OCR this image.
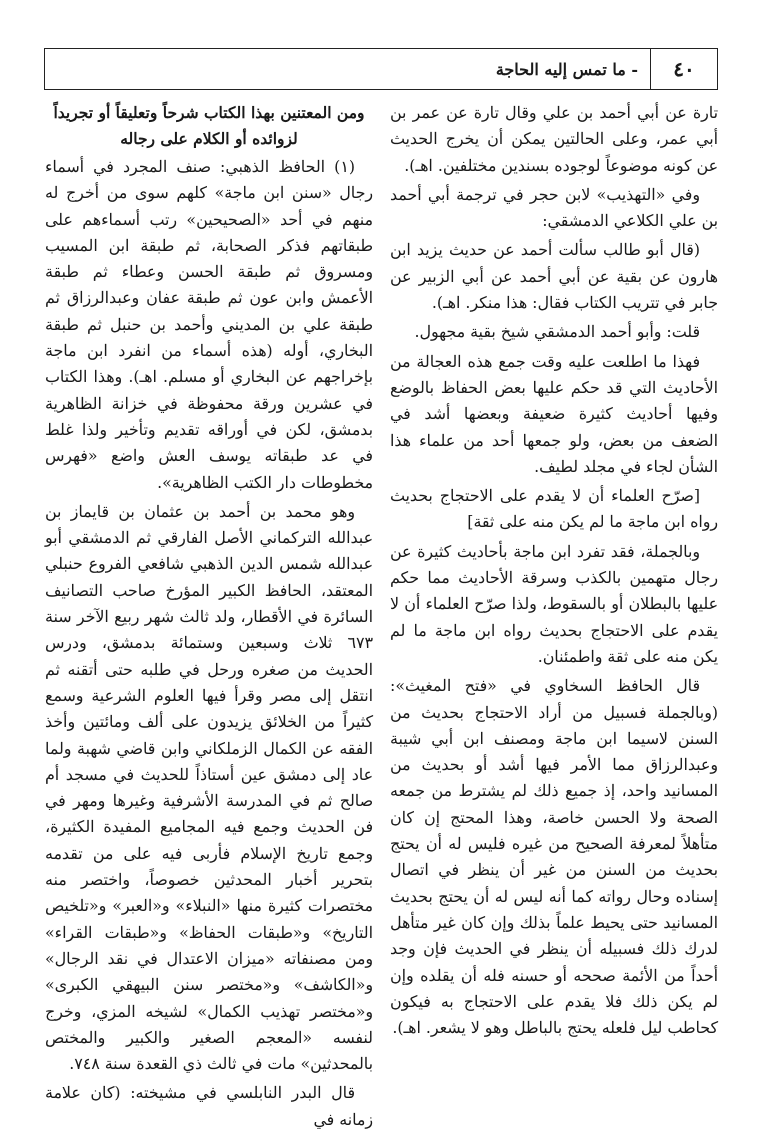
٤٠
- ما تمس إليه الحاجة

تارة عن أبي أحمد بن علي وقال تارة عن عمر بن أبي عمر، وعلى الحالتين يمكن أن يخرج الحديث عن كونه موضوعاً لوجوده بسندين مختلفين. اهـ).

وفي «التهذيب» لابن حجر في ترجمة أبي أحمد بن علي الكلاعي الدمشقي:

(قال أبو طالب سألت أحمد عن حديث يزيد ابن هارون عن بقية عن أبي أحمد عن أبي الزبير عن جابر في تتريب الكتاب فقال: هذا منكر. اهـ).

قلت: وأبو أحمد الدمشقي شيخ بقية مجهول.

فهذا ما اطلعت عليه وقت جمع هذه العجالة من الأحاديث التي قد حكم عليها بعض الحفاظ بالوضع وفيها أحاديث كثيرة ضعيفة وبعضها أشد في الضعف من بعض، ولو جمعها أحد من علماء هذا الشأن لجاء في مجلد لطيف.

[صرّح العلماء أن لا يقدم على الاحتجاج بحديث رواه ابن ماجة ما لم يكن منه على ثقة]

وبالجملة، فقد تفرد ابن ماجة بأحاديث كثيرة عن رجال متهمين بالكذب وسرقة الأحاديث مما حكم عليها بالبطلان أو بالسقوط، ولذا صرّح العلماء أن لا يقدم على الاحتجاج بحديث رواه ابن ماجة ما لم يكن منه على ثقة واطمئنان.

قال الحافظ السخاوي في «فتح المغيث»: (وبالجملة فسبيل من أراد الاحتجاج بحديث من السنن لاسيما ابن ماجة ومصنف ابن أبي شيبة وعبدالرزاق مما الأمر فيها أشد أو بحديث من المسانيد واحد، إذ جميع ذلك لم يشترط من جمعه الصحة ولا الحسن خاصة، وهذا المحتج إن كان متأهلاً لمعرفة الصحيح من غيره فليس له أن يحتج بحديث من السنن من غير أن ينظر في اتصال إسناده وحال رواته كما أنه ليس له أن يحتج بحديث المسانيد حتى يحيط علماً بذلك وإن كان غير متأهل لدرك ذلك فسبيله أن ينظر في الحديث فإن وجد أحداً من الأئمة صححه أو حسنه فله أن يقلده وإن لم يكن ذلك فلا يقدم على الاحتجاج به فيكون كحاطب ليل فلعله يحتج بالباطل وهو لا يشعر. اهـ).

ومن المعتنين بهذا الكتاب شرحاً وتعليقاً أو تجريداً لزوائده أو الكلام على رجاله

(١) الحافظ الذهبي: صنف المجرد في أسماء رجال «سنن ابن ماجة» كلهم سوى من أخرج له منهم في أحد «الصحيحين» رتب أسماءهم على طبقاتهم فذكر الصحابة، ثم طبقة ابن المسيب ومسروق ثم طبقة الحسن وعطاء ثم طبقة الأعمش وابن عون ثم طبقة عفان وعبدالرزاق ثم طبقة علي بن المديني وأحمد بن حنبل ثم طبقة البخاري، أوله (هذه أسماء من انفرد ابن ماجة بإخراجهم عن البخاري أو مسلم. اهـ). وهذا الكتاب في عشرين ورقة محفوظة في خزانة الظاهرية بدمشق، لكن في أوراقه تقديم وتأخير ولذا غلط في عد طبقاته يوسف العش واضع «فهرس مخطوطات دار الكتب الظاهرية».

وهو محمد بن أحمد بن عثمان بن قايماز بن عبدالله التركماني الأصل الفارقي ثم الدمشقي أبو عبدالله شمس الدين الذهبي شافعي الفروع حنبلي المعتقد، الحافظ الكبير المؤرخ صاحب التصانيف السائرة في الأقطار، ولد ثالث شهر ربيع الآخر سنة ٦٧٣ ثلاث وسبعين وستمائة بدمشق، ودرس الحديث من صغره ورحل في طلبه حتى أتقنه ثم انتقل إلى مصر وقرأ فيها العلوم الشرعية وسمع كثيراً من الخلائق يزيدون على ألف ومائتين وأخذ الفقه عن الكمال الزملكاني وابن قاضي شهبة ولما عاد إلى دمشق عين أستاذاً للحديث في مسجد أم صالح ثم في المدرسة الأشرفية وغيرها ومهر في فن الحديث وجمع فيه المجاميع المفيدة الكثيرة، وجمع تاريخ الإسلام فأربى فيه على من تقدمه بتحرير أخبار المحدثين خصوصاً، واختصر منه مختصرات كثيرة منها «النبلاء» و«العبر» و«تلخيص التاريخ» و«طبقات الحفاظ» و«طبقات القراء» ومن مصنفاته «ميزان الاعتدال في نقد الرجال» و«الكاشف» و«مختصر سنن البيهقي الكبرى» و«مختصر تهذيب الكمال» لشيخه المزي، وخرج لنفسه «المعجم الصغير والكبير والمختص بالمحدثين» مات في ثالث ذي القعدة سنة ٧٤٨.

قال البدر النابلسي في مشيخته: (كان علامة زمانه في
